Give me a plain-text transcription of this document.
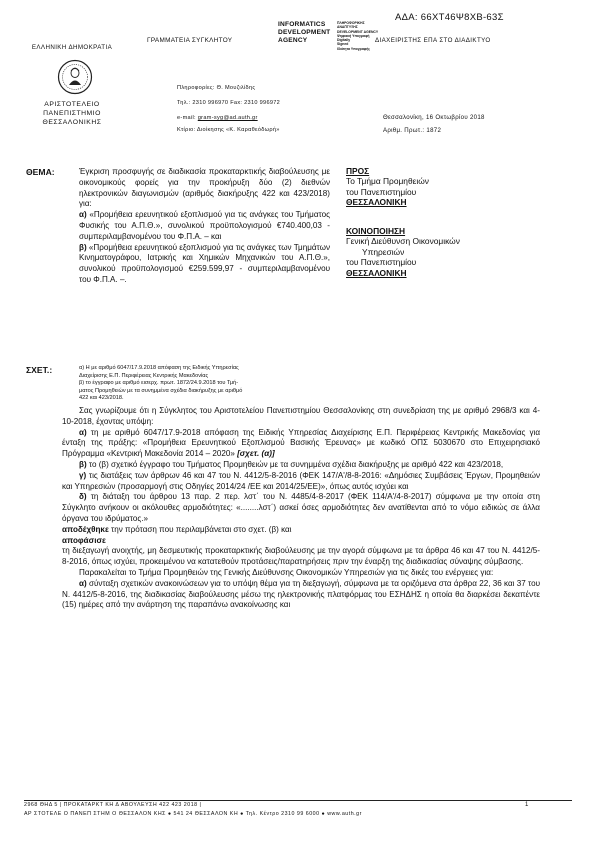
ΑΔΑ: 66ΧΤ46Ψ8ΧΒ-63Σ
ΕΛΛΗΝΙΚΗ ΔΗΜΟΚΡΑΤΙΑ
ΑΡΙΣΤΟΤΕΛΕΙΟ
ΠΑΝΕΠΙΣΤΗΜΙΟ
ΘΕΣΣΑΛΟΝΙΚΗΣ
ΓΡΑΜΜΑΤΕΙΑ ΣΥΓΚΛΗΤΟΥ
INFORMATICS
DEVELOPMENT
AGENCY
ΠΛΗΡΟΦΟΡΙΚΗΣ
ΑΝΑΠΤΥΞΗΣ
DEVELOPMENT AGENCY
Ψηφιακή Υπογραφή
Digitally
Signed
Ιδιότητα Υπογραφής
ΔΙΑΧΕΙΡΙΣΤΗΣ ΕΠΑ ΣΤΟ ΔΙΑΔΙΚΤΥΟ
Πληροφορίες: Θ. Μουζιλίδης
Τηλ.: 2310 996970 Fax: 2310 996972
e-mail: gram-syg@ad.auth.gr
Κτίριο: Διοίκησης «Κ. Καραθεόδωρή»
Θεσσαλονίκη, 16 Οκτωβρίου 2018
Αριθμ. Πρωτ.: 1872
ΘΕΜΑ:	Έγκριση προσφυγής σε διαδικασία προκαταρκτικής διαβούλευσης με οικονομικούς φορείς για την προκήρυξη δύο (2) διεθνών ηλεκτρονικών διαγωνισμών (αριθμός διακήρυξης 422 και 423/2018) για:

α) «Προμήθεια ερευνητικού εξοπλισμού για τις ανάγκες του Τμήματος Φυσικής του Α.Π.Θ.», συνολικού προϋπολογισμού €740.400,03 - συμπεριλαμβανομένου του Φ.Π.Α. – και

β) «Προμήθεια ερευνητικού εξοπλισμού για τις ανάγκες των Τμημάτων Κινηματογράφου, Ιατρικής και Χημικών Μηχανικών του Α.Π.Θ.», συνολικού προϋπολογισμού €259.599,97 - συμπεριλαμβανομένου του Φ.Π.Α. –.

ΠΡΟΣ
Το Τμήμα Προμηθειών
του Πανεπιστημίου
ΘΕΣΣΑΛΟΝΙΚΗ
ΚΟΙΝΟΠΟΙΗΣΗ
Γενική Διεύθυνση Οικονομικών
Υπηρεσιών
του Πανεπιστημίου
ΘΕΣΣΑΛΟΝΙΚΗ
ΣΧΕΤ.:	α) Η με αριθμό 6047/17.9.2018 απόφαση της Ειδικής Υπηρεσίας
Διαχείρισης Ε.Π. Περιφέρειας Κεντρικής Μακεδονίας
β) το έγγραφο με αριθμό εισερχ. πρωτ. 1872/24.9.2018 του Τμή-
ματος Προμηθειών με τα συνημμένα σχέδια διακήρυξης με αριθμό
422 και 423/2018.

Σας γνωρίζουμε ότι η Σύγκλητος του Αριστοτελείου Πανεπιστημίου Θεσσαλονίκης στη συνεδρίαση της με αριθμό 2968/3 και 4-10-2018, έχοντας υπόψη:

α) τη με αριθμό 6047/17.9-2018 απόφαση της Ειδικής Υπηρεσίας Διαχείρισης Ε.Π. Περιφέρειας Κεντρικής Μακεδονίας για ένταξη της πράξης: «Προμήθεια Ερευνητικού Εξοπλισμού Βασικής Έρευνας» με κωδικό ΟΠΣ 5030670 στο Επιχειρησιακό Πρόγραμμα «Κεντρική Μακεδονία 2014 – 2020» [σχετ. (α)]

β) το (β) σχετικό έγγραφο του Τμήματος Προμηθειών με τα συνημμένα σχέδια διακήρυξης με αριθμό 422 και 423/2018,

γ) τις διατάξεις των άρθρων 46 και 47 του Ν. 4412/5-8-2016 (ΦΕΚ 147/Α'/8-8-2016: «Δημόσιες Συμβάσεις Έργων, Προμηθειών και Υπηρεσιών (προσαρμογή στις Οδηγίες 2014/24 /ΕΕ και 2014/25/ΕΕ)», όπως αυτός ισχύει και

δ) τη διάταξη του άρθρου 13 παρ. 2 περ. λστ΄ του Ν. 4485/4-8-2017 (ΦΕΚ 114/Α'/4-8-2017) σύμφωνα με την οποία στη Σύγκλητο ανήκουν οι ακόλουθες αρμοδιότητες: «........λστ΄) ασκεί όσες αρμοδιότητες δεν ανατίθενται από το νόμο ειδικώς σε άλλα όργανα του ιδρύματος.»

αποδέχθηκε την πρόταση που περιλαμβάνεται στο σχετ. (β) και

αποφάσισε

τη διεξαγωγή ανοιχτής, μη δεσμευτικής προκαταρκτικής διαβούλευσης με την αγορά σύμφωνα με τα άρθρα 46 και 47 του Ν. 4412/5-8-2016, όπως ισχύει, προκειμένου να κατατεθούν προτάσεις/παρατηρήσεις πριν την έναρξη της διαδικασίας σύναψης σύμβασης.

Παρακαλείται το Τμήμα Προμηθειών της Γενικής Διεύθυνσης Οικονομικών Υπηρεσιών για τις δικές του ενέργειες για:

α) σύνταξη σχετικών ανακοινώσεων για το υπόψη θέμα για τη διεξαγωγή, σύμφωνα με τα οριζόμενα στα άρθρα 22, 36 και 37 του Ν. 4412/5-8-2016, της διαδικασίας διαβούλευσης μέσω της ηλεκτρονικής πλατφόρμας του ΕΣΗΔΗΣ η οποία θα διαρκέσει δεκαπέντε (15) ημέρες από την ανάρτηση της παραπάνω ανακοίνωσης και

2968 ΘΗΔ 5 | ΠΡΟΚΑΤΑΡΚΤ ΚΗ Δ ΑΒΟΥΛΕΥΣΗ 422 423 2018 |	1
ΑΡ ΣΤΟΤΕΛΕ Ο ΠΑΝΕΠ ΣΤΗΜ Ο ΘΕΣΣΑΛΟΝ ΚΗΣ ● 541 24 ΘΕΣΣΑΛΟΝ ΚΗ ● Τηλ. Κέντρο 2310 99 6000 ● www.auth.gr
